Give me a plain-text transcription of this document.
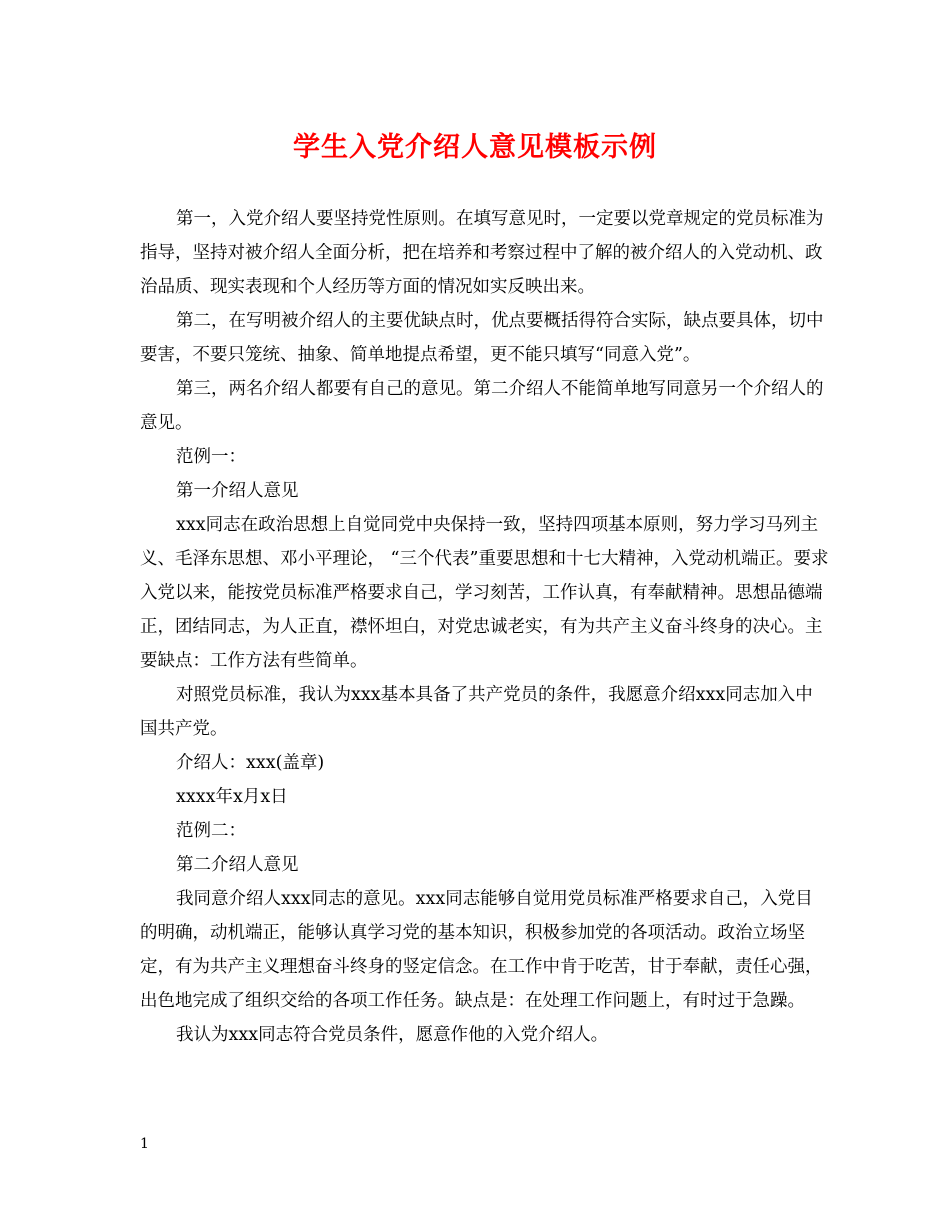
学生入党介绍人意见模板示例

第一，入党介绍人要坚持党性原则。在填写意见时，一定要以党章规定的党员标准为指导，坚持对被介绍人全面分析，把在培养和考察过程中了解的被介绍人的入党动机、政治品质、现实表现和个人经历等方面的情况如实反映出来。

第二，在写明被介绍人的主要优缺点时，优点要概括得符合实际，缺点要具体，切中要害，不要只笼统、抽象、简单地提点希望，更不能只填写“同意入党”。

第三，两名介绍人都要有自己的意见。第二介绍人不能简单地写同意另一个介绍人的意见。

范例一：

第一介绍人意见

xxx同志在政治思想上自觉同党中央保持一致，坚持四项基本原则，努力学习马列主义、毛泽东思想、邓小平理论， “三个代表”重要思想和十七大精神，入党动机端正。要求入党以来，能按党员标准严格要求自己，学习刻苦，工作认真，有奉献精神。思想品德端正，团结同志，为人正直，襟怀坦白，对党忠诚老实，有为共产主义奋斗终身的决心。主要缺点：工作方法有些简单。

对照党员标准，我认为xxx基本具备了共产党员的条件，我愿意介绍xxx同志加入中国共产党。

介绍人：xxx(盖章)

xxxx年x月x日

范例二：

第二介绍人意见

我同意介绍人xxx同志的意见。xxx同志能够自觉用党员标准严格要求自己，入党目的明确，动机端正，能够认真学习党的基本知识，积极参加党的各项活动。政治立场坚定，有为共产主义理想奋斗终身的竖定信念。在工作中肯于吃苦，甘于奉献，责任心强，出色地完成了组织交给的各项工作任务。缺点是：在处理工作问题上，有时过于急躁。

我认为xxx同志符合党员条件，愿意作他的入党介绍人。

1
